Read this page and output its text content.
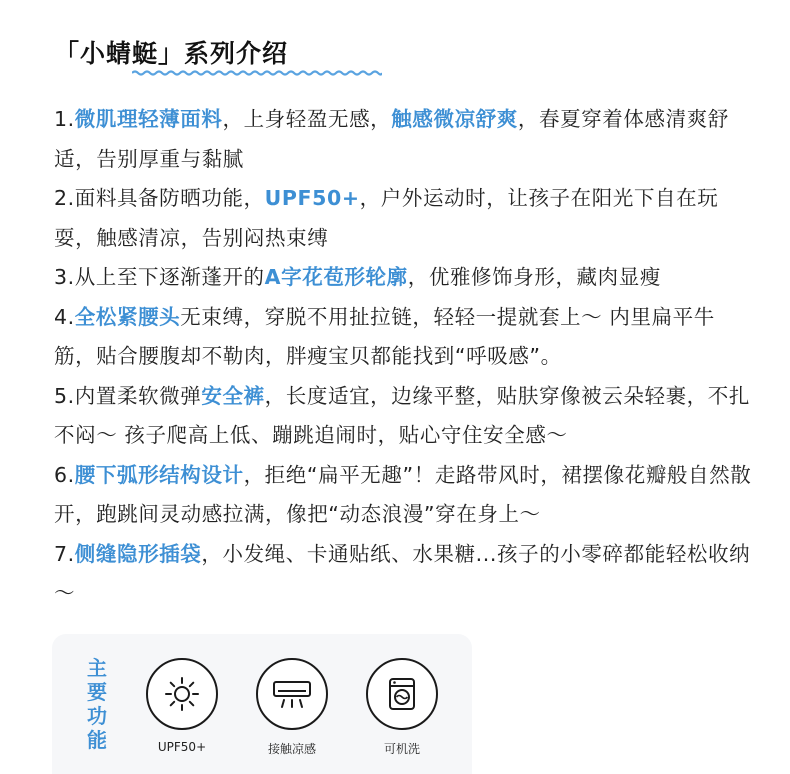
「小蜻蜓」系列介绍

1.微肌理轻薄面料，上身轻盈无感，触感微凉舒爽，春夏穿着体感清爽舒适，告别厚重与黏腻

2.面料具备防晒功能，UPF50+，户外运动时，让孩子在阳光下自在玩耍，触感清凉，告别闷热束缚

3.从上至下逐渐蓬开的A字花苞形轮廓，优雅修饰身形，藏肉显瘦

4.全松紧腰头无束缚，穿脱不用扯拉链，轻轻一提就套上～ 内里扁平牛筋，贴合腰腹却不勒肉，胖瘦宝贝都能找到“呼吸感”。

5.内置柔软微弹安全裤，长度适宜，边缘平整，贴肤穿像被云朵轻裹，不扎不闷～ 孩子爬高上低、蹦跳追闹时，贴心守住安全感～

6.腰下弧形结构设计，拒绝“扁平无趣”！走路带风时，裙摆像花瓣般自然散开，跑跳间灵动感拉满，像把“动态浪漫”穿在身上～

7.侧缝隐形插袋，小发绳、卡通贴纸、水果糖...孩子的小零碎都能轻松收纳～

主要功能	UPF50+	接触凉感	可机洗
